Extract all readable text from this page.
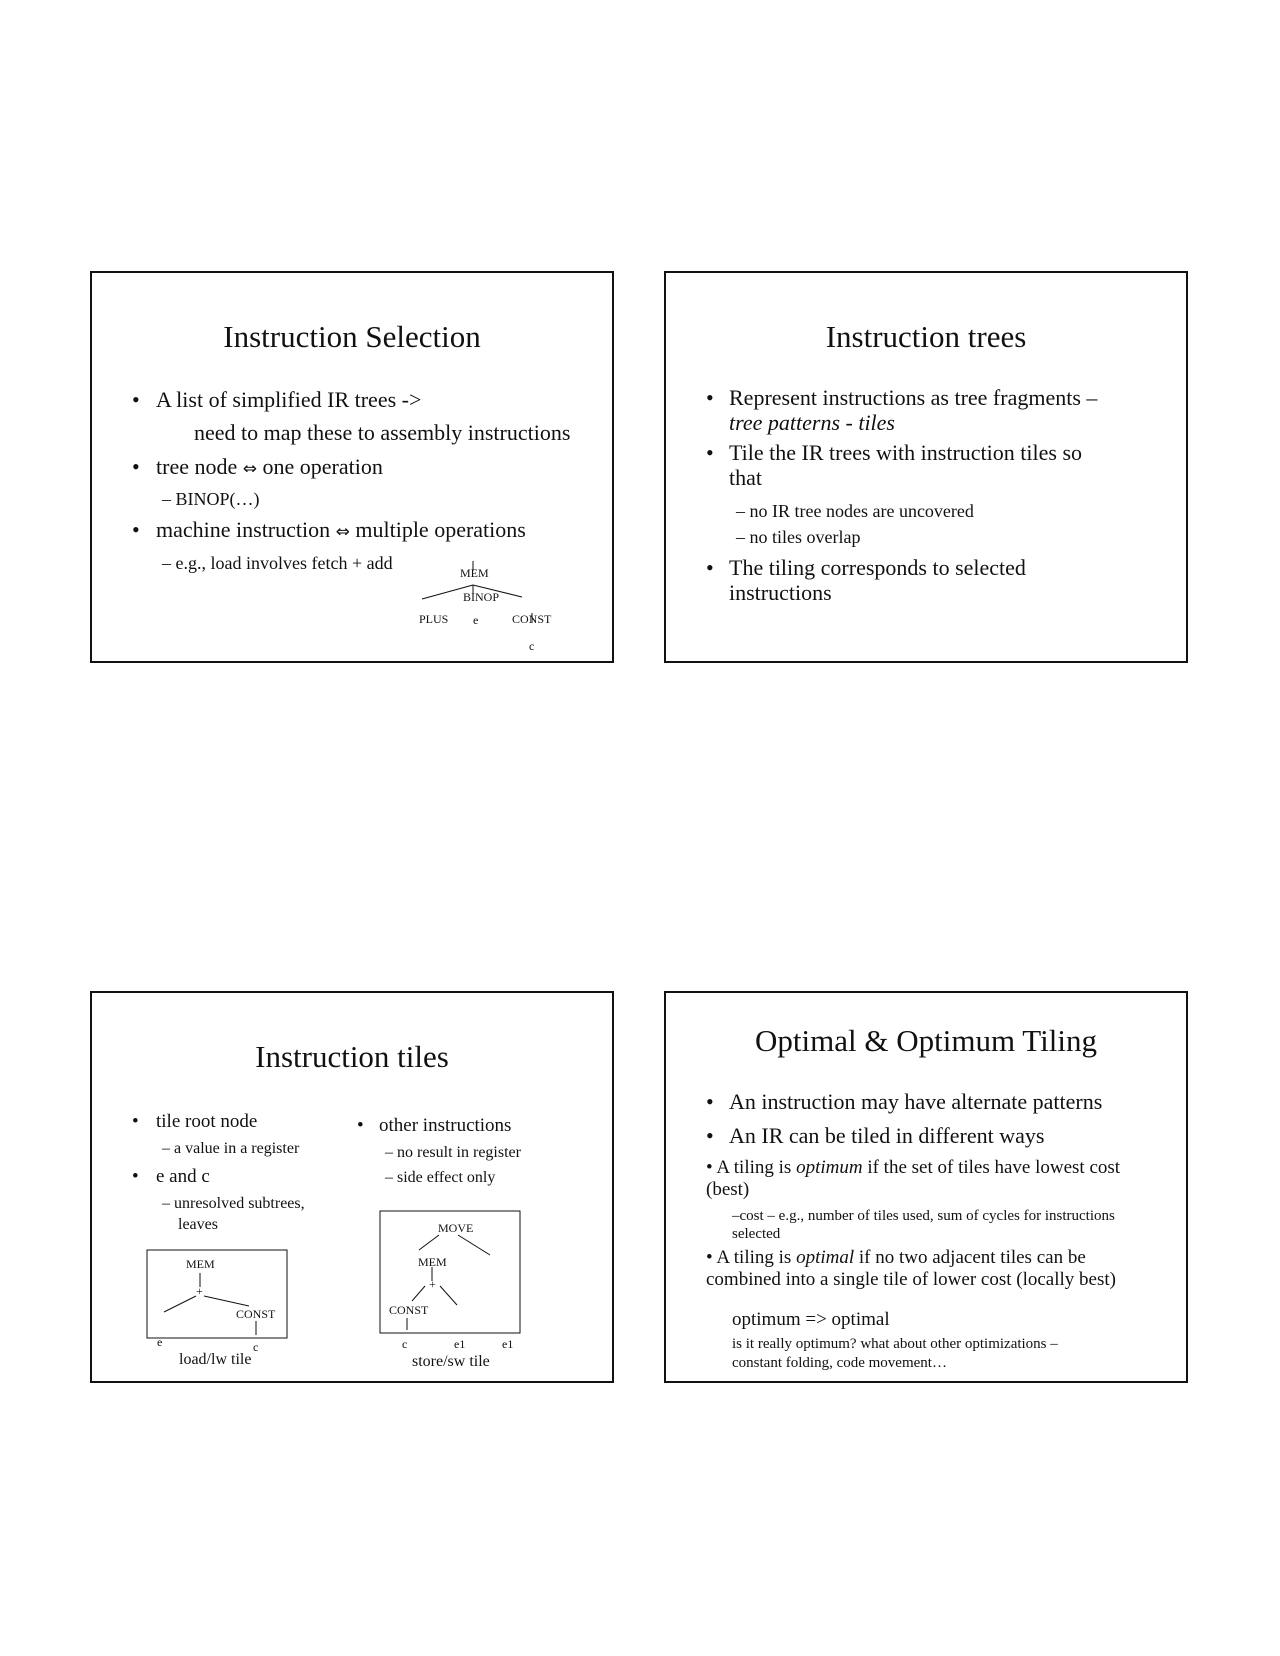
Instruction Selection
• A list of simplified IR trees ->
need to map these to assembly instructions
• tree node ⇔ one operation
– BINOP(…)
• machine instruction ⇔ multiple operations
– e.g., load involves fetch + add	MEM
BINOP
PLUS e	CONST
c
Instruction trees
• Represent instructions as tree fragments –
tree patterns - tiles
• Tile the IR trees with instruction tiles so
that
– no IR tree nodes are uncovered
– no tiles overlap
• The tiling corresponds to selected
instructions
Instruction tiles
• tile root node
– a value in a register
• e and c
– unresolved subtrees,
leaves
• other instructions
– no result in register
– side effect only
MEM
+
CONST
e	c
load/lw tile
MOVE
MEM
+
CONST
c	e1	e1
store/sw tile
Optimal & Optimum Tiling
• An instruction may have alternate patterns
• An IR can be tiled in different ways
• A tiling is optimum if the set of tiles have lowest cost
(best)
–cost – e.g., number of tiles used, sum of cycles for instructions
selected
• A tiling is optimal if no two adjacent tiles can be
combined into a single tile of lower cost (locally best)
optimum => optimal
is it really optimum? what about other optimizations –
constant folding, code movement…
